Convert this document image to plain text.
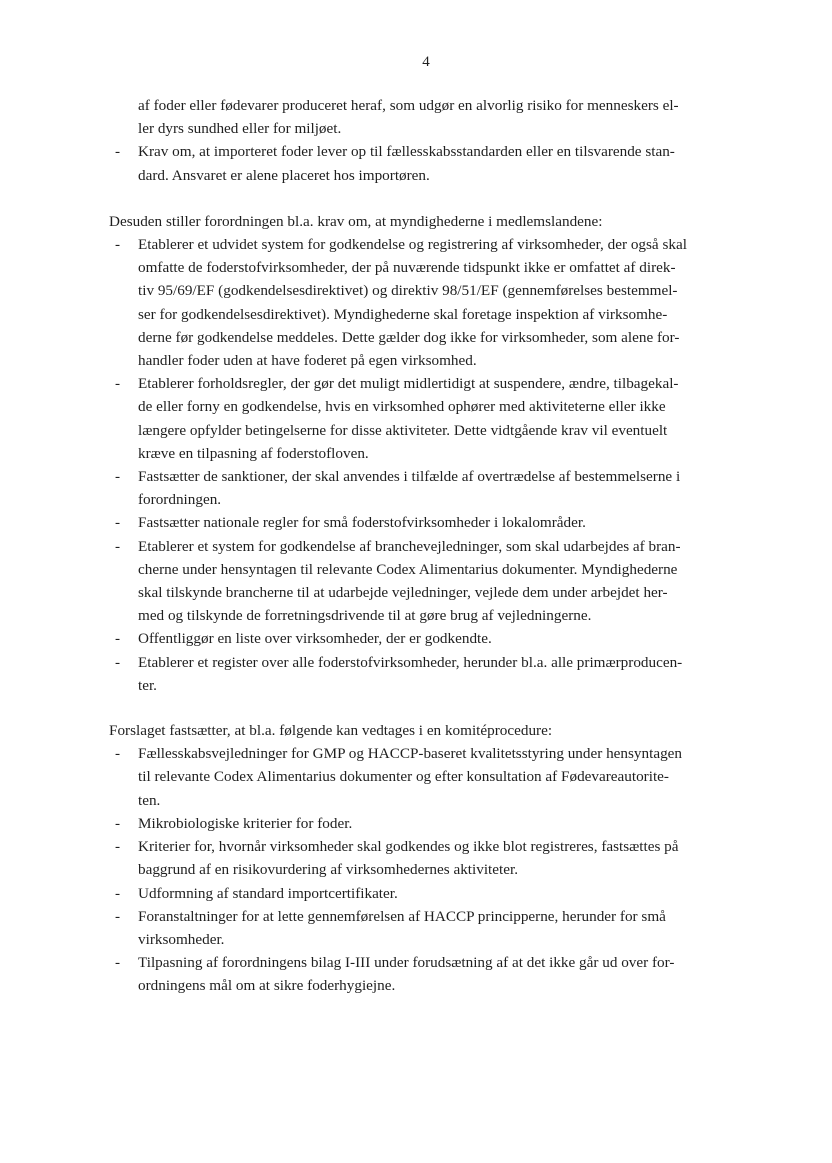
4
af foder eller fødevarer produceret heraf, som udgør en alvorlig risiko for menneskers el-
ler dyrs sundhed eller for miljøet.
- Krav om, at importeret foder lever op til fællesskabsstandarden eller en tilsvarende stan-
dard. Ansvaret er alene placeret hos importøren.

Desuden stiller forordningen bl.a. krav om, at myndighederne i medlemslandene:

- Etablerer et udvidet system for godkendelse og registrering af virksomheder, der også skal
omfatte de foderstofvirksomheder, der på nuværende tidspunkt ikke er omfattet af direk-
tiv 95/69/EF (godkendelsesdirektivet) og direktiv 98/51/EF (gennemførelses bestemmel-
ser for godkendelsesdirektivet). Myndighederne skal foretage inspektion af virksomhe-
derne før godkendelse meddeles. Dette gælder dog ikke for virksomheder, som alene for-
handler foder uden at have foderet på egen virksomhed.
- Etablerer forholdsregler, der gør det muligt midlertidigt at suspendere, ændre, tilbagekal-
de eller forny en godkendelse, hvis en virksomhed ophører med aktiviteterne eller ikke
længere opfylder betingelserne for disse aktiviteter. Dette vidtgående krav vil eventuelt
kræve en tilpasning af foderstofloven.
- Fastsætter de sanktioner, der skal anvendes i tilfælde af overtrædelse af bestemmelserne i
forordningen.
- Fastsætter nationale regler for små foderstofvirksomheder i lokalområder.
- Etablerer et system for godkendelse af branchevejledninger, som skal udarbejdes af bran-
cherne under hensyntagen til relevante Codex Alimentarius dokumenter. Myndighederne
skal tilskynde brancherne til at udarbejde vejledninger, vejlede dem under arbejdet her-
med og tilskynde de forretningsdrivende til at gøre brug af vejledningerne.
- Offentliggør en liste over virksomheder, der er godkendte.
- Etablerer et register over alle foderstofvirksomheder, herunder bl.a. alle primærproducen-
ter.

Forslaget fastsætter, at bl.a. følgende kan vedtages i en komitéprocedure:

- Fællesskabsvejledninger for GMP og HACCP-baseret kvalitetsstyring under hensyntagen
til relevante Codex Alimentarius dokumenter og efter konsultation af Fødevareautorite-
ten.
- Mikrobiologiske kriterier for foder.
- Kriterier for, hvornår virksomheder skal godkendes og ikke blot registreres, fastsættes på
baggrund af en risikovurdering af virksomhedernes aktiviteter.
- Udformning af standard importcertifikater.
- Foranstaltninger for at lette gennemførelsen af HACCP principperne, herunder for små
virksomheder.
- Tilpasning af forordningens bilag I-III under forudsætning af at det ikke går ud over for-
ordningens mål om at sikre foderhygiejne.
